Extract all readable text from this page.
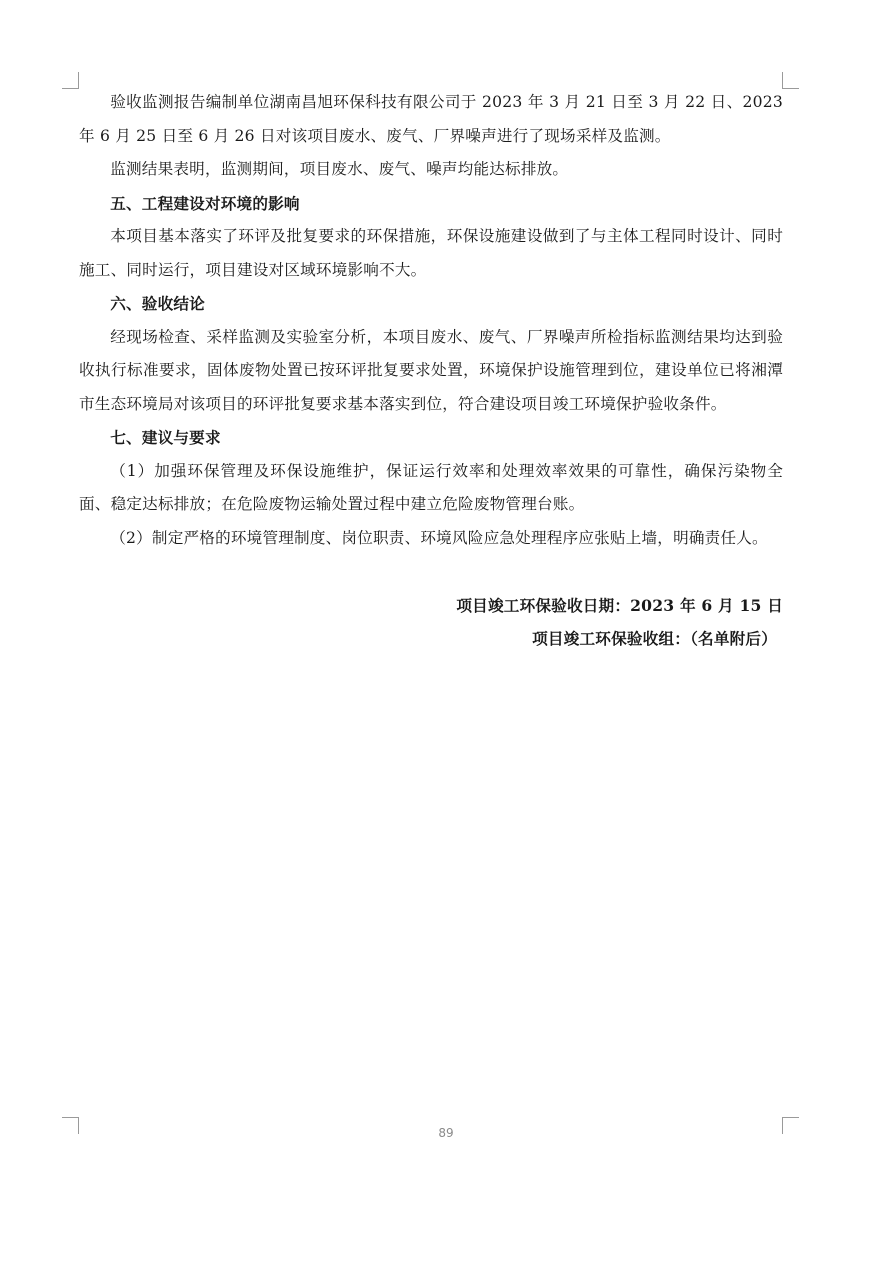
验收监测报告编制单位湖南昌旭环保科技有限公司于 2023 年 3 月 21 日至 3 月 22 日、2023 年 6 月 25 日至 6 月 26 日对该项目废水、废气、厂界噪声进行了现场采样及监测。

监测结果表明，监测期间，项目废水、废气、噪声均能达标排放。

五、工程建设对环境的影响

本项目基本落实了环评及批复要求的环保措施，环保设施建设做到了与主体工程同时设计、同时施工、同时运行，项目建设对区域环境影响不大。

六、验收结论

经现场检查、采样监测及实验室分析，本项目废水、废气、厂界噪声所检指标监测结果均达到验收执行标准要求，固体废物处置已按环评批复要求处置，环境保护设施管理到位，建设单位已将湘潭市生态环境局对该项目的环评批复要求基本落实到位，符合建设项目竣工环境保护验收条件。

七、建议与要求

（1）加强环保管理及环保设施维护，保证运行效率和处理效率效果的可靠性，确保污染物全面、稳定达标排放；在危险废物运输处置过程中建立危险废物管理台账。

（2）制定严格的环境管理制度、岗位职责、环境风险应急处理程序应张贴上墙，明确责任人。

项目竣工环保验收日期：2023 年 6 月 15 日
项目竣工环保验收组：（名单附后）
89
